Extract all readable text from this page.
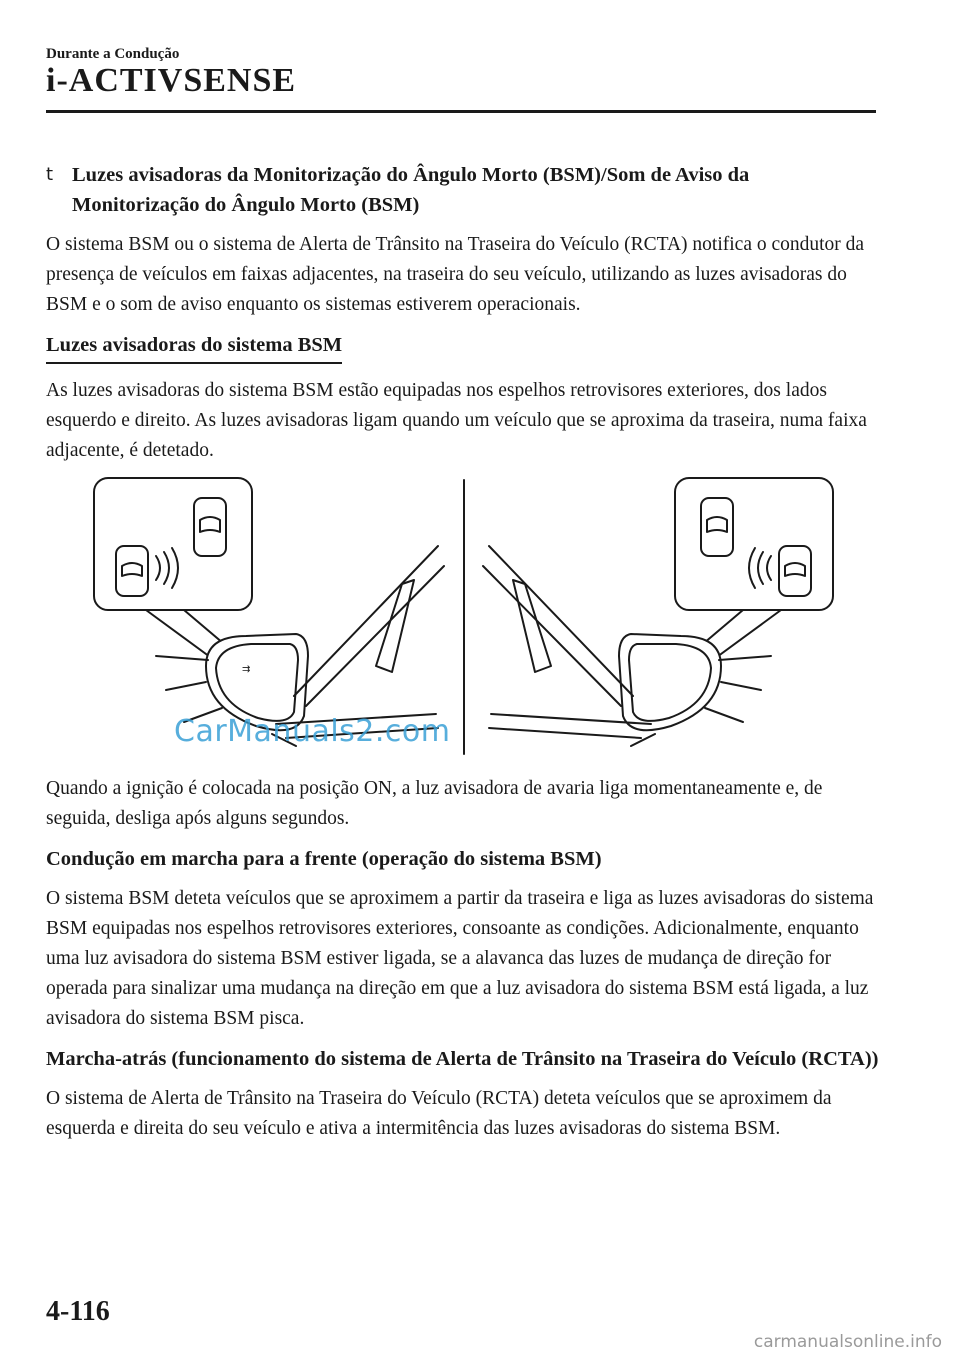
Durante a Condução
i-ACTIVSENSE
t Luzes avisadoras da Monitorização do Ângulo Morto (BSM)/Som de Aviso da Monitorização do Ângulo Morto (BSM)

O sistema BSM ou o sistema de Alerta de Trânsito na Traseira do Veículo (RCTA) notifica o condutor da presença de veículos em faixas adjacentes, na traseira do seu veículo, utilizando as luzes avisadoras do BSM e o som de aviso enquanto os sistemas estiverem operacionais.

Luzes avisadoras do sistema BSM

As luzes avisadoras do sistema BSM estão equipadas nos espelhos retrovisores exteriores, dos lados esquerdo e direito. As luzes avisadoras ligam quando um veículo que se aproxima da traseira, numa faixa adjacente, é detetado.

⇉
CarManuals2.com

Quando a ignição é colocada na posição ON, a luz avisadora de avaria liga momentaneamente e, de seguida, desliga após alguns segundos.

Condução em marcha para a frente (operação do sistema BSM)

O sistema BSM deteta veículos que se aproximem a partir da traseira e liga as luzes avisadoras do sistema BSM equipadas nos espelhos retrovisores exteriores, consoante as condições. Adicionalmente, enquanto uma luz avisadora do sistema BSM estiver ligada, se a alavanca das luzes de mudança de direção for operada para sinalizar uma mudança na direção em que a luz avisadora do sistema BSM está ligada, a luz avisadora do sistema BSM pisca.

Marcha-atrás (funcionamento do sistema de Alerta de Trânsito na Traseira do Veículo (RCTA))

O sistema de Alerta de Trânsito na Traseira do Veículo (RCTA) deteta veículos que se aproximem da esquerda e direita do seu veículo e ativa a intermitência das luzes avisadoras do sistema BSM.

4-116
carmanualsonline.info
